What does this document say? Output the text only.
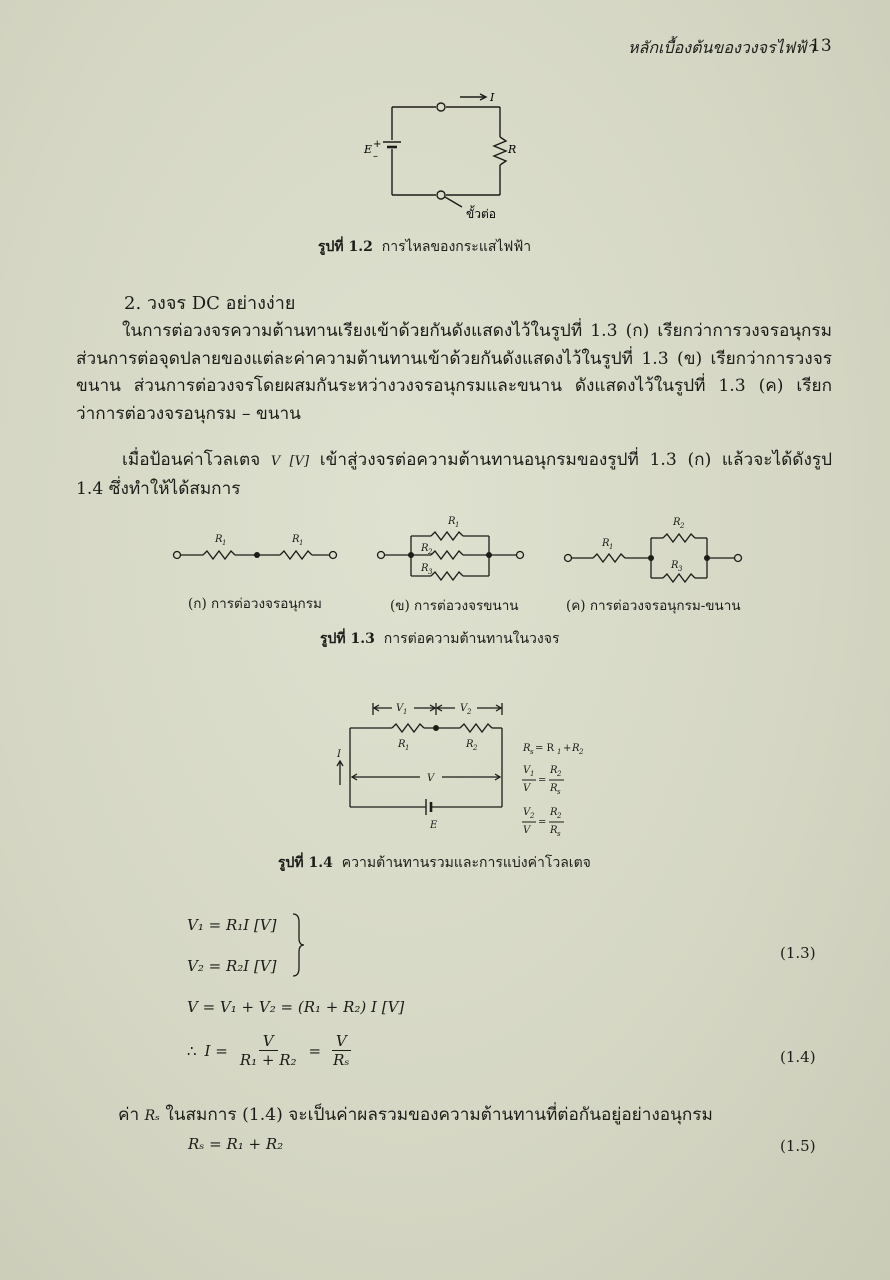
หลักเบื้องต้นของวงจรไฟฟ้า
13
I
E +
–
R
ขั้วต่อ
รูปที่ 1.2 การไหลของกระแสไฟฟ้า
2. วงจร DC อย่างง่าย
ในการต่อวงจรความต้านทานเรียงเข้าด้วยกันดังแสดงไว้ในรูปที่ 1.3 (ก) เรียกว่าการวงจรอนุกรม ส่วนการต่อจุดปลายของแต่ละค่าความต้านทานเข้าด้วยกันดังแสดงไว้ในรูปที่ 1.3 (ข) เรียกว่าการวงจรขนาน ส่วนการต่อวงจรโดยผสมกันระหว่างวงจรอนุกรมและขนาน ดังแสดงไว้ในรูปที่ 1.3 (ค) เรียกว่าการต่อวงจรอนุกรม – ขนาน
เมื่อป้อนค่าโวลเตจ V [V] เข้าสู่วงจรต่อความต้านทานอนุกรมของรูปที่ 1.3 (ก) แล้วจะได้ดังรูป 1.4 ซึ่งทำให้ได้สมการ
R 1	R 1
R 1
R 2
R 3
R 1
R 2
R 3
(ก) การต่อวงจรอนุกรม	(ข) การต่อวงจรขนาน	(ค) การต่อวงจรอนุกรม-ขนาน
รูปที่ 1.3 การต่อความต้านทานในวงจร
V 1	V 2
R 1	R 2
V
E
I
R s = R 1 + R 2
V 1
V
=
R 2
R s
V 2
V
=
R 2
R s
รูปที่ 1.4 ความต้านทานรวมและการแบ่งค่าโวลเตจ
V₁ = R₁I [V]
V₂ = R₂I [V]
(1.3)
V = V₁ + V₂ = (R₁ + R₂) I [V]
∴ $I = \frac{V}{\text{R₁ + R₂}} = \frac{V}{\text{Rₛ}}$	(1.4)
ค่า Rₛ ในสมการ (1.4) จะเป็นค่าผลรวมของความต้านทานที่ต่อกันอยู่อย่างอนุกรม
Rₛ = R₁ + R₂	(1.5)
